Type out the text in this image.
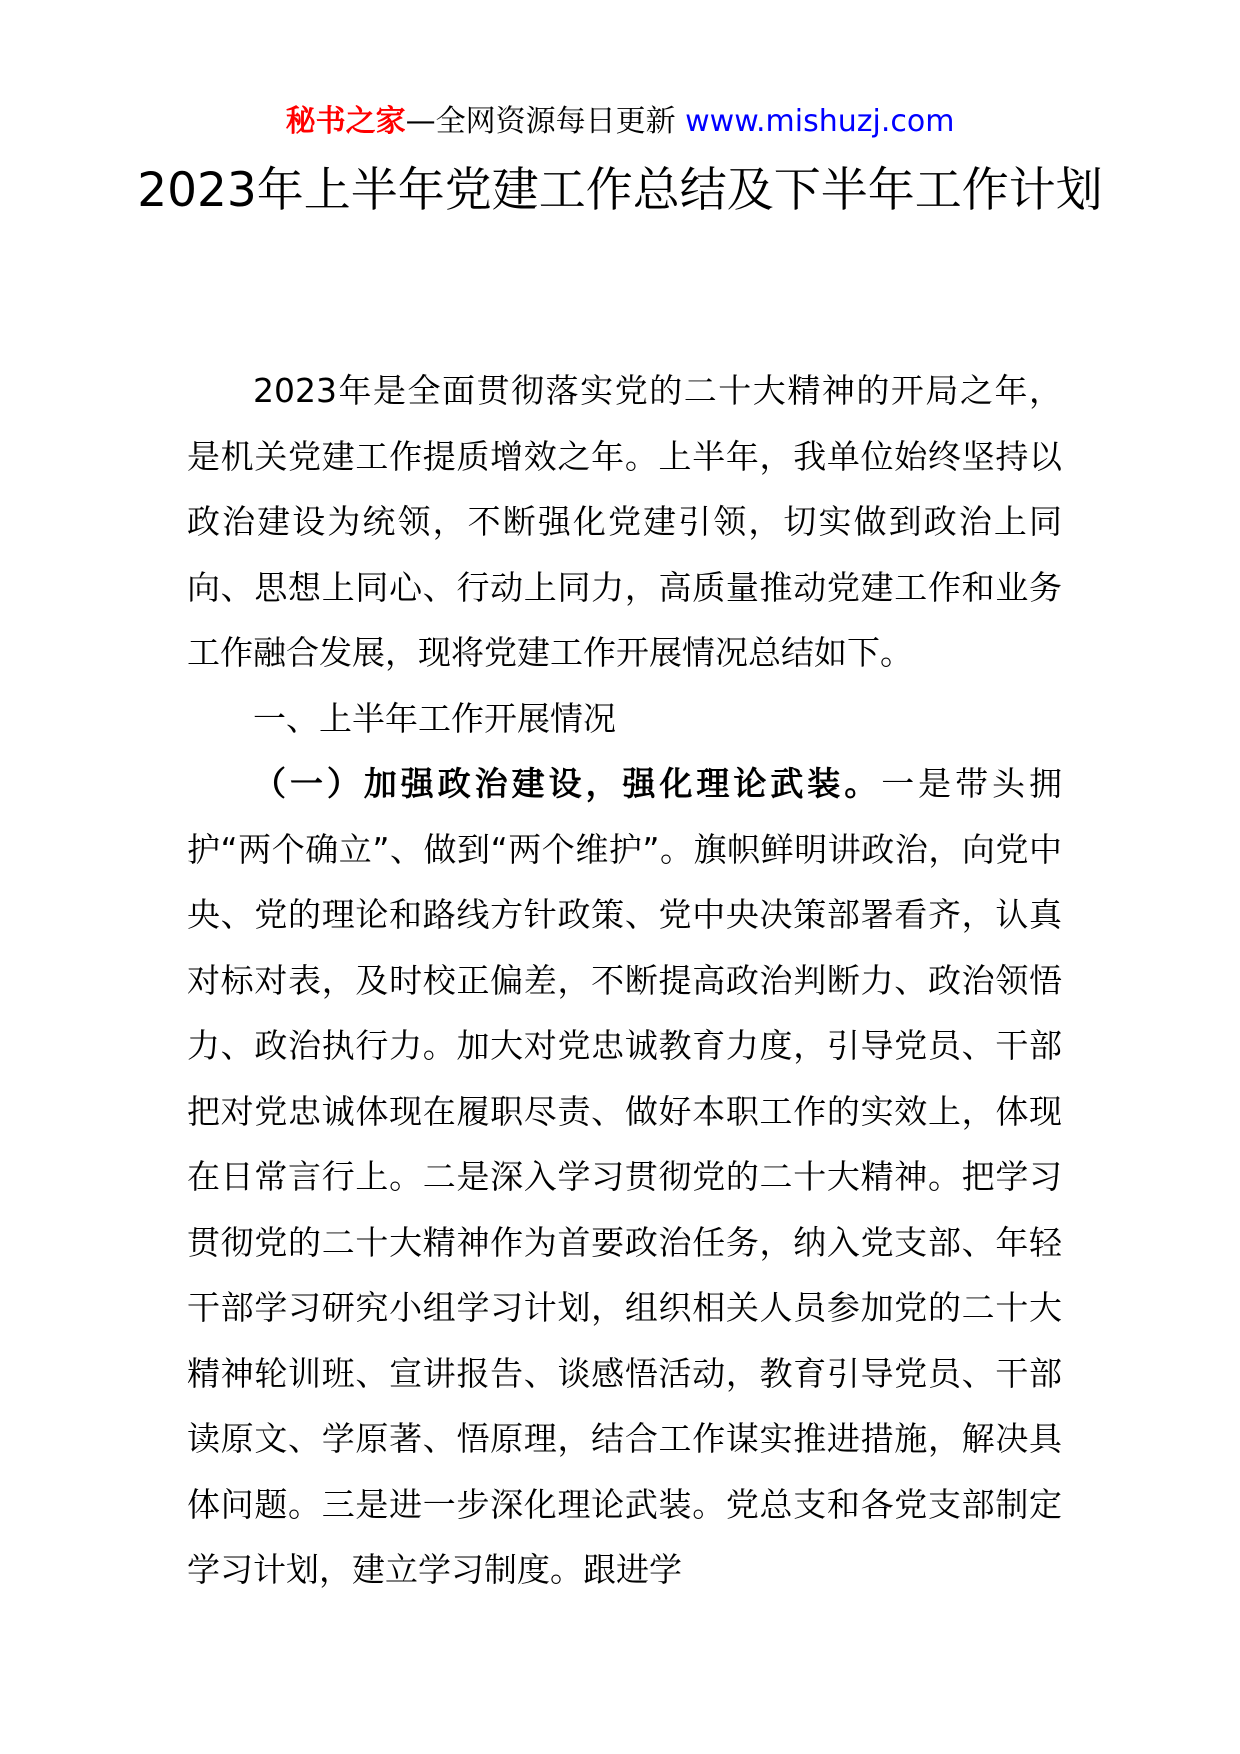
秘书之家—全网资源每日更新 www.mishuzj.com
2023年上半年党建工作总结及下半年工作计划

2023年是全面贯彻落实党的二十大精神的开局之年，是机关党建工作提质增效之年。上半年，我单位始终坚持以政治建设为统领，不断强化党建引领，切实做到政治上同向、思想上同心、行动上同力，高质量推动党建工作和业务工作融合发展，现将党建工作开展情况总结如下。

一、上半年工作开展情况

（一）加强政治建设，强化理论武装。一是带头拥护“两个确立”、做到“两个维护”。旗帜鲜明讲政治，向党中央、党的理论和路线方针政策、党中央决策部署看齐，认真对标对表，及时校正偏差，不断提高政治判断力、政治领悟力、政治执行力。加大对党忠诚教育力度，引导党员、干部把对党忠诚体现在履职尽责、做好本职工作的实效上，体现在日常言行上。二是深入学习贯彻党的二十大精神。把学习贯彻党的二十大精神作为首要政治任务，纳入党支部、年轻干部学习研究小组学习计划，组织相关人员参加党的二十大精神轮训班、宣讲报告、谈感悟活动，教育引导党员、干部读原文、学原著、悟原理，结合工作谋实推进措施，解决具体问题。三是进一步深化理论武装。党总支和各党支部制定学习计划，建立学习制度。跟进学
